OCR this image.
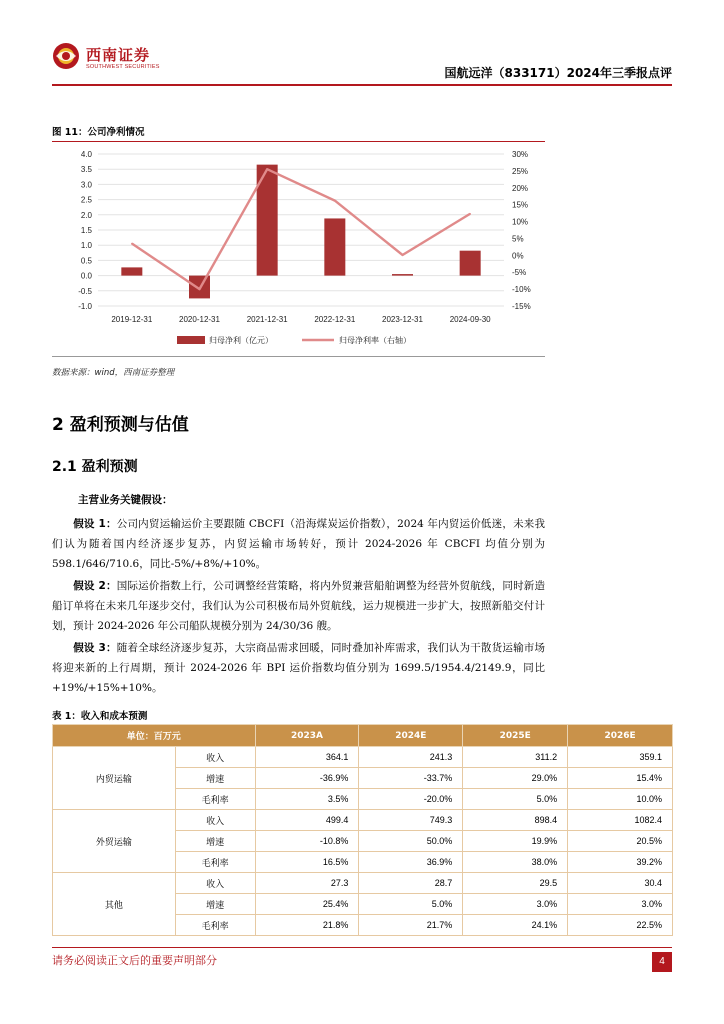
西南证券
SOUTHWEST SECURITIES	国航远洋（833171）2024年三季报点评
图 11：公司净利情况
4.0
3.5
3.0
2.5
2.0
1.5
1.0
0.5
0.0
-0.5
-1.0
30%
25%
20%
15%
10%
5%
0%
-5%
-10%
-15%
2019-12-31	2020-12-31	2021-12-31	2022-12-31	2023-12-31	2024-09-30
归母净利（亿元）	归母净利率（右轴）
数据来源：wind，西南证券整理
2 盈利预测与估值
2.1 盈利预测
主营业务关键假设：
  假设 1：公司内贸运输运价主要跟随 CBCFI（沿海煤炭运价指数），2024 年内贸运价低迷，未来我们认为随着国内经济逐步复苏，内贸运输市场转好，预计 2024-2026 年 CBCFI 均值分别为 598.1/646/710.6，同比-5%/+8%/+10%。
  假设 2：国际运价指数上行，公司调整经营策略，将内外贸兼营船舶调整为经营外贸航线，同时新造船订单将在未来几年逐步交付，我们认为公司积极布局外贸航线，运力规模进一步扩大，按照新船交付计划，预计 2024-2026 年公司船队规模分别为 24/30/36 艘。
  假设 3：随着全球经济逐步复苏，大宗商品需求回暖，同时叠加补库需求，我们认为干散货运输市场将迎来新的上行周期，预计 2024-2026 年 BPI 运价指数均值分别为 1699.5/1954.4/2149.9，同比+19%/+15%+10%。
表 1：收入和成本预测
单位：百万元		2023A	2024E	2025E	2026E
内贸运输	收入	364.1	241.3	311.2	359.1
	增速	-36.9%	-33.7%	29.0%	15.4%
	毛利率	3.5%	-20.0%	5.0%	10.0%
外贸运输	收入	499.4	749.3	898.4	1082.4
	增速	-10.8%	50.0%	19.9%	20.5%
	毛利率	16.5%	36.9%	38.0%	39.2%
其他	收入	27.3	28.7	29.5	30.4
	增速	25.4%	5.0%	3.0%	3.0%
	毛利率	21.8%	21.7%	24.1%	22.5%
请务必阅读正文后的重要声明部分	4
